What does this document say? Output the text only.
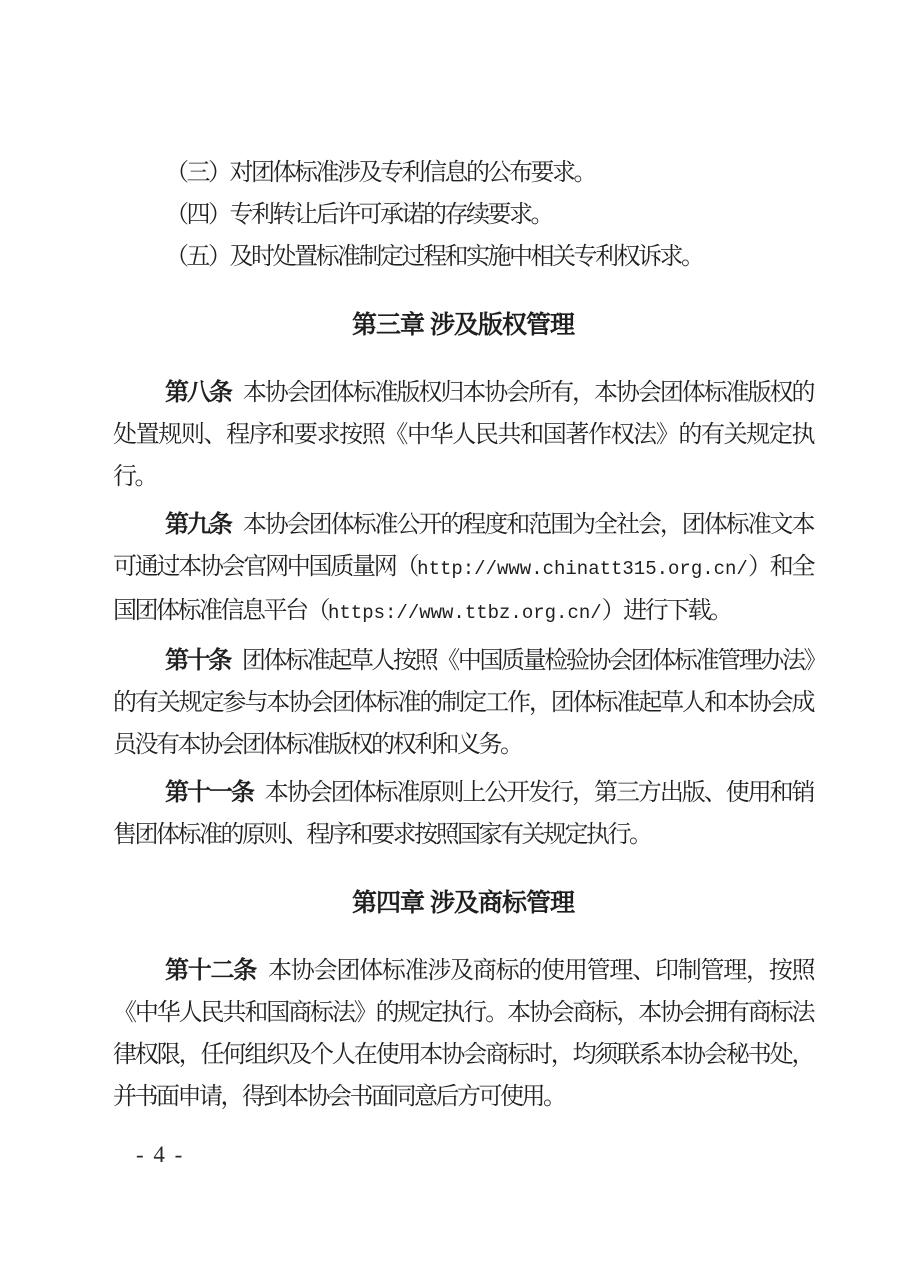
（三）对团体标准涉及专利信息的公布要求。

（四）专利转让后许可承诺的存续要求。

（五）及时处置标准制定过程和实施中相关专利权诉求。

第三章 涉及版权管理

第八条 本协会团体标准版权归本协会所有，本协会团体标准版权的处置规则、程序和要求按照《中华人民共和国著作权法》的有关规定执行。

第九条 本协会团体标准公开的程度和范围为全社会，团体标准文本可通过本协会官网中国质量网（http://www.chinatt315.org.cn/）和全国团体标准信息平台（https://www.ttbz.org.cn/）进行下载。

第十条 团体标准起草人按照《中国质量检验协会团体标准管理办法》的有关规定参与本协会团体标准的制定工作，团体标准起草人和本协会成员没有本协会团体标准版权的权利和义务。

第十一条 本协会团体标准原则上公开发行，第三方出版、使用和销售团体标准的原则、程序和要求按照国家有关规定执行。

第四章 涉及商标管理

第十二条 本协会团体标准涉及商标的使用管理、印制管理，按照《中华人民共和国商标法》的规定执行。本协会商标，本协会拥有商标法律权限，任何组织及个人在使用本协会商标时，均须联系本协会秘书处，并书面申请，得到本协会书面同意后方可使用。

- 4 -
